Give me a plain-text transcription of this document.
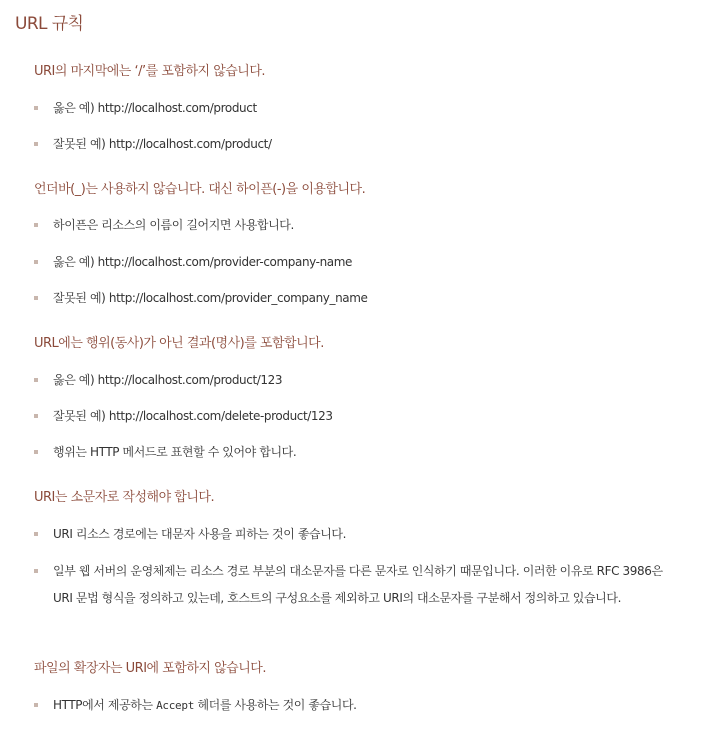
URL 규칙
URI의 마지막에는 ‘/’를 포함하지 않습니다.
옳은 예) http://localhost.com/product
잘못된 예) http://localhost.com/product/
언더바(_)는 사용하지 않습니다. 대신 하이픈(-)을 이용합니다.
하이픈은 리소스의 이름이 길어지면 사용합니다.
옳은 예) http://localhost.com/provider-company-name
잘못된 예) http://localhost.com/provider_company_name
URL에는 행위(동사)가 아닌 결과(명사)를 포함합니다.
옳은 예) http://localhost.com/product/123
잘못된 예) http://localhost.com/delete-product/123
행위는 HTTP 메서드로 표현할 수 있어야 합니다.
URI는 소문자로 작성해야 합니다.
URI 리소스 경로에는 대문자 사용을 피하는 것이 좋습니다.
일부 웹 서버의 운영체제는 리소스 경로 부분의 대소문자를 다른 문자로 인식하기 때문입니다. 이러한 이유로 RFC 3986은 URI 문법 형식을 정의하고 있는데, 호스트의 구성요소를 제외하고 URI의 대소문자를 구분해서 정의하고 있습니다.
파일의 확장자는 URI에 포함하지 않습니다.
HTTP에서 제공하는 Accept 헤더를 사용하는 것이 좋습니다.
